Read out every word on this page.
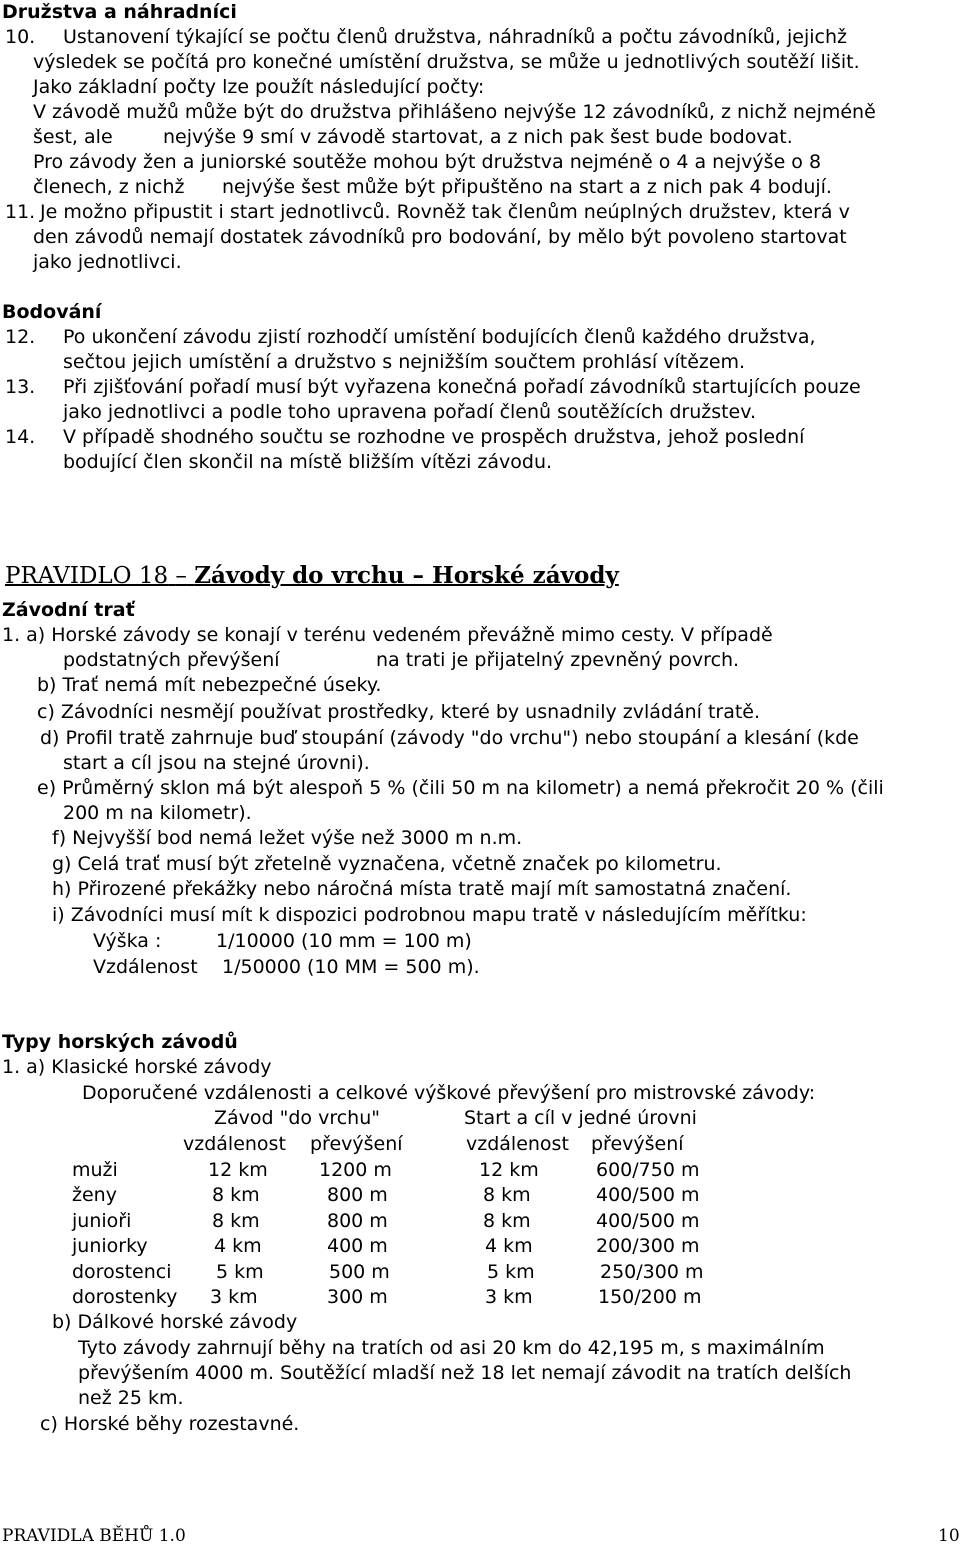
Družstva a náhradníci
10. Ustanovení týkající se počtu členů družstva, náhradníků a počtu závodníků, jejichž
výsledek se počítá pro konečné umístění družstva, se může u jednotlivých soutěží lišit.
Jako základní počty lze použít následující počty:
V závodě mužů může být do družstva přihlášeno nejvýše 12 závodníků, z nichž nejméně
šest, ale	nejvýše 9 smí v závodě startovat, a z nich pak šest bude bodovat.
Pro závody žen a juniorské soutěže mohou být družstva nejméně o 4 a nejvýše o 8
členech, z nichž nejvýše šest může být připuštěno na start a z nich pak 4 bodují.
11. Je možno připustit i start jednotlivců. Rovněž tak členům neúplných družstev, která v
den závodů nemají dostatek závodníků pro bodování, by mělo být povoleno startovat
jako jednotlivci.
Bodování
12. Po ukončení závodu zjistí rozhodčí umístění bodujících členů každého družstva,
sečtou jejich umístění a družstvo s nejnižším součtem prohlásí vítězem.
13. Při zjišťování pořadí musí být vyřazena konečná pořadí závodníků startujících pouze
jako jednotlivci a podle toho upravena pořadí členů soutěžících družstev.
14. V případě shodného součtu se rozhodne ve prospěch družstva, jehož poslední
bodující člen skončil na místě bližším vítězi závodu.
PRAVIDLO 18 – Závody do vrchu – Horské závody
Závodní trať
1. a) Horské závody se konají v terénu vedeném převážně mimo cesty. V případě
podstatných převýšení	na trati je přijatelný zpevněný povrch.
b) Trať nemá mít nebezpečné úseky.
c) Závodníci nesmějí používat prostředky, které by usnadnily zvládání tratě.
d) Profil tratě zahrnuje buď stoupání (závody "do vrchu") nebo stoupání a klesání (kde
start a cíl jsou na stejné úrovni).
e) Průměrný sklon má být alespoň 5 % (čili 50 m na kilometr) a nemá překročit 20 % (čili
200 m na kilometr).
f) Nejvyšší bod nemá ležet výše než 3000 m n.m.
g) Celá trať musí být zřetelně vyznačena, včetně značek po kilometru.
h) Přirozené překážky nebo náročná místa tratě mají mít samostatná značení.
i) Závodníci musí mít k dispozici podrobnou mapu tratě v následujícím měřítku:
Výška :	1/10000 (10 mm = 100 m)
Vzdálenost 1/50000 (10 MM = 500 m).
Typy horských závodů
1. a) Klasické horské závody
Doporučené vzdálenosti a celkové výškové převýšení pro mistrovské závody:
Závod "do vrchu"	Start a cíl v jedné úrovni
vzdálenost převýšení	vzdálenost převýšení
muži	12 km	1200 m	12 km	600/750 m
ženy	8 km	800 m	8 km	400/500 m
junioři	8 km	800 m	8 km	400/500 m
juniorky	4 km	400 m	4 km	200/300 m
dorostenci	5 km	500 m	5 km	250/300 m
dorostenky	3 km	300 m	3 km	150/200 m
b) Dálkové horské závody
Tyto závody zahrnují běhy na tratích od asi 20 km do 42,195 m, s maximálním
převýšením 4000 m. Soutěžící mladší než 18 let nemají závodit na tratích delších
než 25 km.
c) Horské běhy rozestavné.
PRAVIDLA BĚHŮ 1.0	10
